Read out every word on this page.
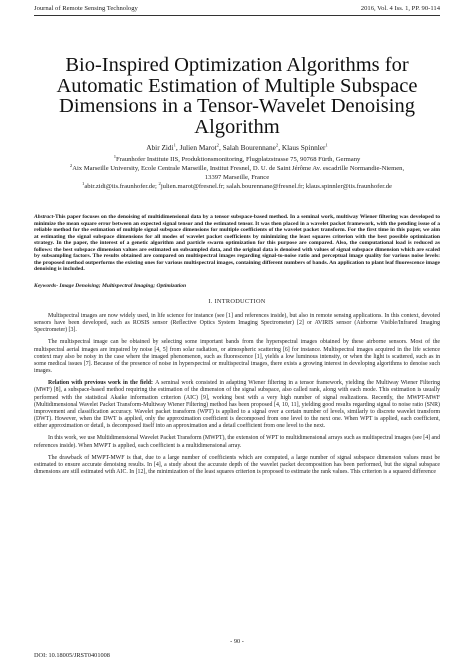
Journal of Remote Sensing Technology	2016, Vol. 4 Iss. 1, PP. 90-114
Bio-Inspired Optimization Algorithms for
Automatic Estimation of Multiple Subspace
Dimensions in a Tensor-Wavelet Denoising
Algorithm
Abir Zidi$^1$, Julien Marot$^2$, Salah Bourennane$^2$, Klaus Spinnler$^1$
$^1$Fraunhofer Institute IIS, Produktionsmonitoring, Flugplatzstrasse 75, 90768 Fürth, Germany
$^2$Aix Marseille University, Ecole Centrale Marseille, Institut Fresnel, D. U. de Saint Jérôme Av. escadrille Normandie-Niemen,
13397 Marseille, France
$^1$abir.zidi@iis.fraunhofer.de; $^2$julien.marot@fresnel.fr; salah.bourennane@fresnel.fr; klaus.spinnler@iis.fraunhofer.de
Abstract-This paper focuses on the denoising of multidimensional data by a tensor subspace-based method. In a seminal work, multiway Wiener filtering was developed to minimize the mean square error between an expected signal tensor and the estimated tensor. It was then placed in a wavelet packet framework, with the pending issue of a reliable method for the estimation of multiple signal subspace dimensions for multiple coefficients of the wavelet packet transform. For the first time in this paper, we aim at estimating the signal subspace dimensions for all modes of wavelet packet coefficients by minimizing the least squares criterion with the best possible optimization strategy. In the paper, the interest of a genetic algorithm and particle swarm optimization for this purpose are compared. Also, the computational load is reduced as follows: the best subspace dimension values are estimated on subsampled data, and the original data is denoised with values of signal subspace dimension which are scaled by subsampling factors. The results obtained are compared on multispectral images regarding signal-to-noise ratio and perceptual image quality for various noise levels: the proposed method outperforms the existing ones for various multispectral images, containing different numbers of bands. An application to plant leaf fluorescence image denoising is included.
Keywords- Image Denoising; Multispectral Imaging; Optimization
I. INTRODUCTION

Multispectral images are now widely used, in life science for instance (see [1] and references inside), but also in remote sensing applications. In this context, devoted sensors have been developed, such as ROSIS sensor (Reflective Optics System Imaging Spectrometer) [2] or AVIRIS sensor (Airborne Visible/Infrared Imaging Spectrometer) [3].

The multispectral image can be obtained by selecting some important bands from the hyperspectral images obtained by these airborne sensors. Most of the multispectral aerial images are impaired by noise [4, 5] from solar radiation, or atmospheric scattering [6] for instance. Multispectral images acquired in the life science context may also be noisy in the case where the imaged phenomenon, such as fluorescence [1], yields a low luminous intensity, or when the light is scattered, such as in some medical issues [7]. Because of the presence of noise in hyperspectral or multispectral images, there exists a growing interest in developing algorithms to denoise such images.

Relation with previous work in the field: A seminal work consisted in adapting Wiener filtering in a tensor framework, yielding the Multiway Wiener Filtering (MWF) [8], a subspace-based method requiring the estimation of the dimension of the signal subspace, also called rank, along with each mode. This estimation is usually performed with the statistical Akaike information criterion (AIC) [9], working best with a very high number of signal realizations. Recently, the MWPT-MWF (Multidimensional Wavelet Packet Transform-Multiway Wiener Filtering) method has been proposed [4, 10, 11], yielding good results regarding signal to noise ratio (SNR) improvement and classification accuracy. Wavelet packet transform (WPT) is applied to a signal over a certain number of levels, similarly to discrete wavelet transform (DWT). However, when the DWT is applied, only the approximation coefficient is decomposed from one level to the next one. When WPT is applied, each coefficient, either approximation or detail, is decomposed itself into an approximation and a detail coefficient from one level to the next.

In this work, we use Multidimensional Wavelet Packet Transform (MWPT), the extension of WPT to multidimensional arrays such as multispectral images (see [4] and references inside). When MWPT is applied, each coefficient is a multidimensional array.

The drawback of MWPT-MWF is that, due to a large number of coefficients which are computed, a large number of signal subspace dimension values must be estimated to ensure accurate denoising results. In [4], a study about the accurate depth of the wavelet packet decomposition has been performed, but the signal subspace dimensions are still estimated with AIC. In [12], the minimization of the least squares criterion is proposed to estimate the rank values. This criterion is a squared difference

- 90 -
DOI: 10.18005/JRST0401008
